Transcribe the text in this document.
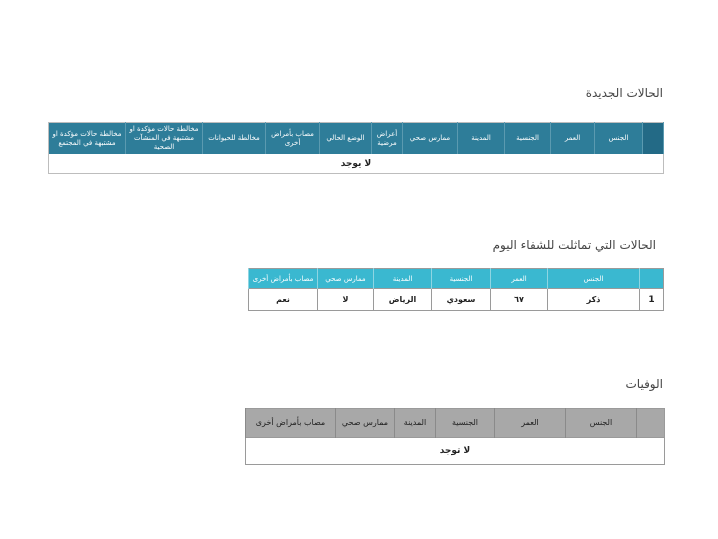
الحالات الجديدة
	الجنس	العمر	الجنسية	المدينة	ممارس صحي	أعراض مرضية	الوضع الحالي	مصاب بأمراض أخرى	مخالطة للحيوانات	مخالطة حالات مؤكدة او مشتبهة في المنشآت الصحية	مخالطة حالات مؤكدة او مشتبهة في المجتمع
لا يوجد
الحالات التي تماثلت للشفاء اليوم
	الجنس	العمر	الجنسية	المدينة	ممارس صحي	مصاب بأمراض أخرى
1	ذكر	٦٧	سعودي	الرياض	لا	نعم
الوفيات
	الجنس	العمر	الجنسية	المدينة	ممارس صحي	مصاب بأمراض أخرى
لا توجد
